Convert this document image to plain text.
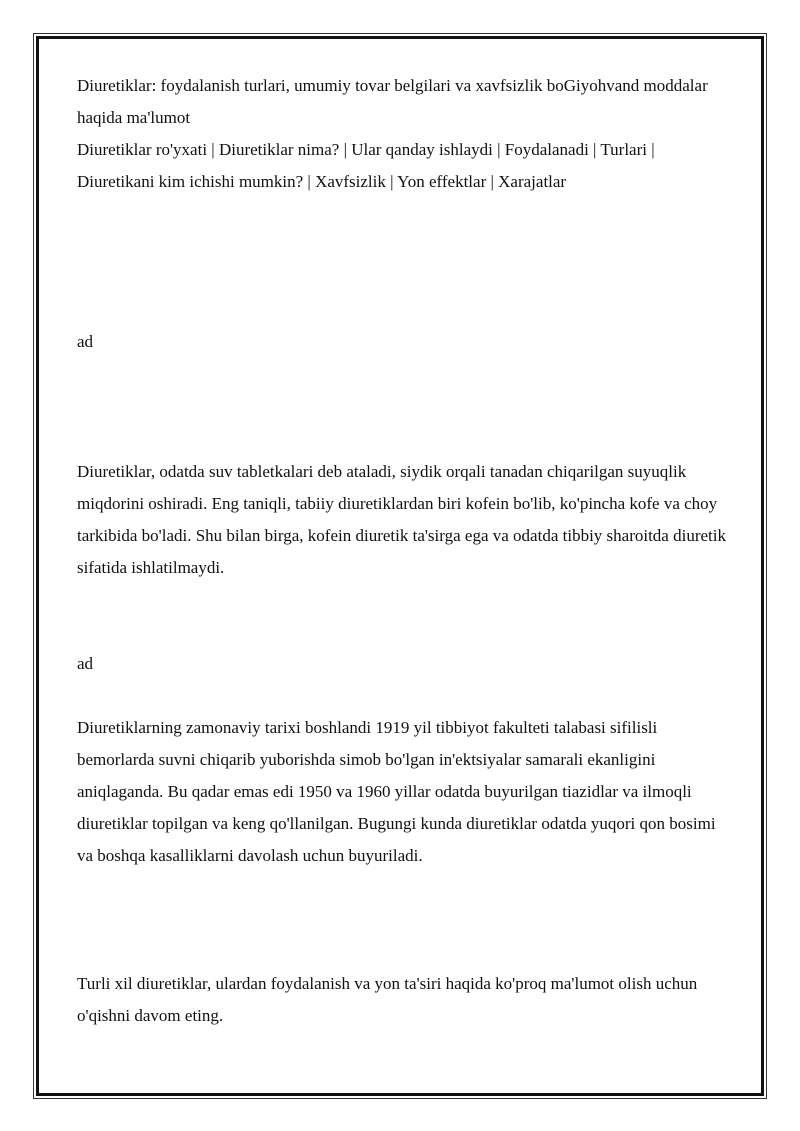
Diuretiklar: foydalanish turlari, umumiy tovar belgilari va xavfsizlik boGiyohvand moddalar haqida ma'lumot

Diuretiklar ro'yxati | Diuretiklar nima? | Ular qanday ishlaydi | Foydalanadi | Turlari | Diuretikani kim ichishi mumkin? | Xavfsizlik | Yon effektlar | Xarajatlar

ad

Diuretiklar, odatda suv tabletkalari deb ataladi, siydik orqali tanadan chiqarilgan suyuqlik miqdorini oshiradi. Eng taniqli, tabiiy diuretiklardan biri kofein bo'lib, ko'pincha kofe va choy tarkibida bo'ladi. Shu bilan birga, kofein diuretik ta'sirga ega va odatda tibbiy sharoitda diuretik sifatida ishlatilmaydi.

ad

Diuretiklarning zamonaviy tarixi boshlandi 1919 yil tibbiyot fakulteti talabasi sifilisli bemorlarda suvni chiqarib yuborishda simob bo'lgan in'ektsiyalar samarali ekanligini aniqlaganda. Bu qadar emas edi 1950 va 1960 yillar odatda buyurilgan tiazidlar va ilmoqli diuretiklar topilgan va keng qo'llanilgan. Bugungi kunda diuretiklar odatda yuqori qon bosimi va boshqa kasalliklarni davolash uchun buyuriladi.

Turli xil diuretiklar, ulardan foydalanish va yon ta'siri haqida ko'proq ma'lumot olish uchun o'qishni davom eting.
